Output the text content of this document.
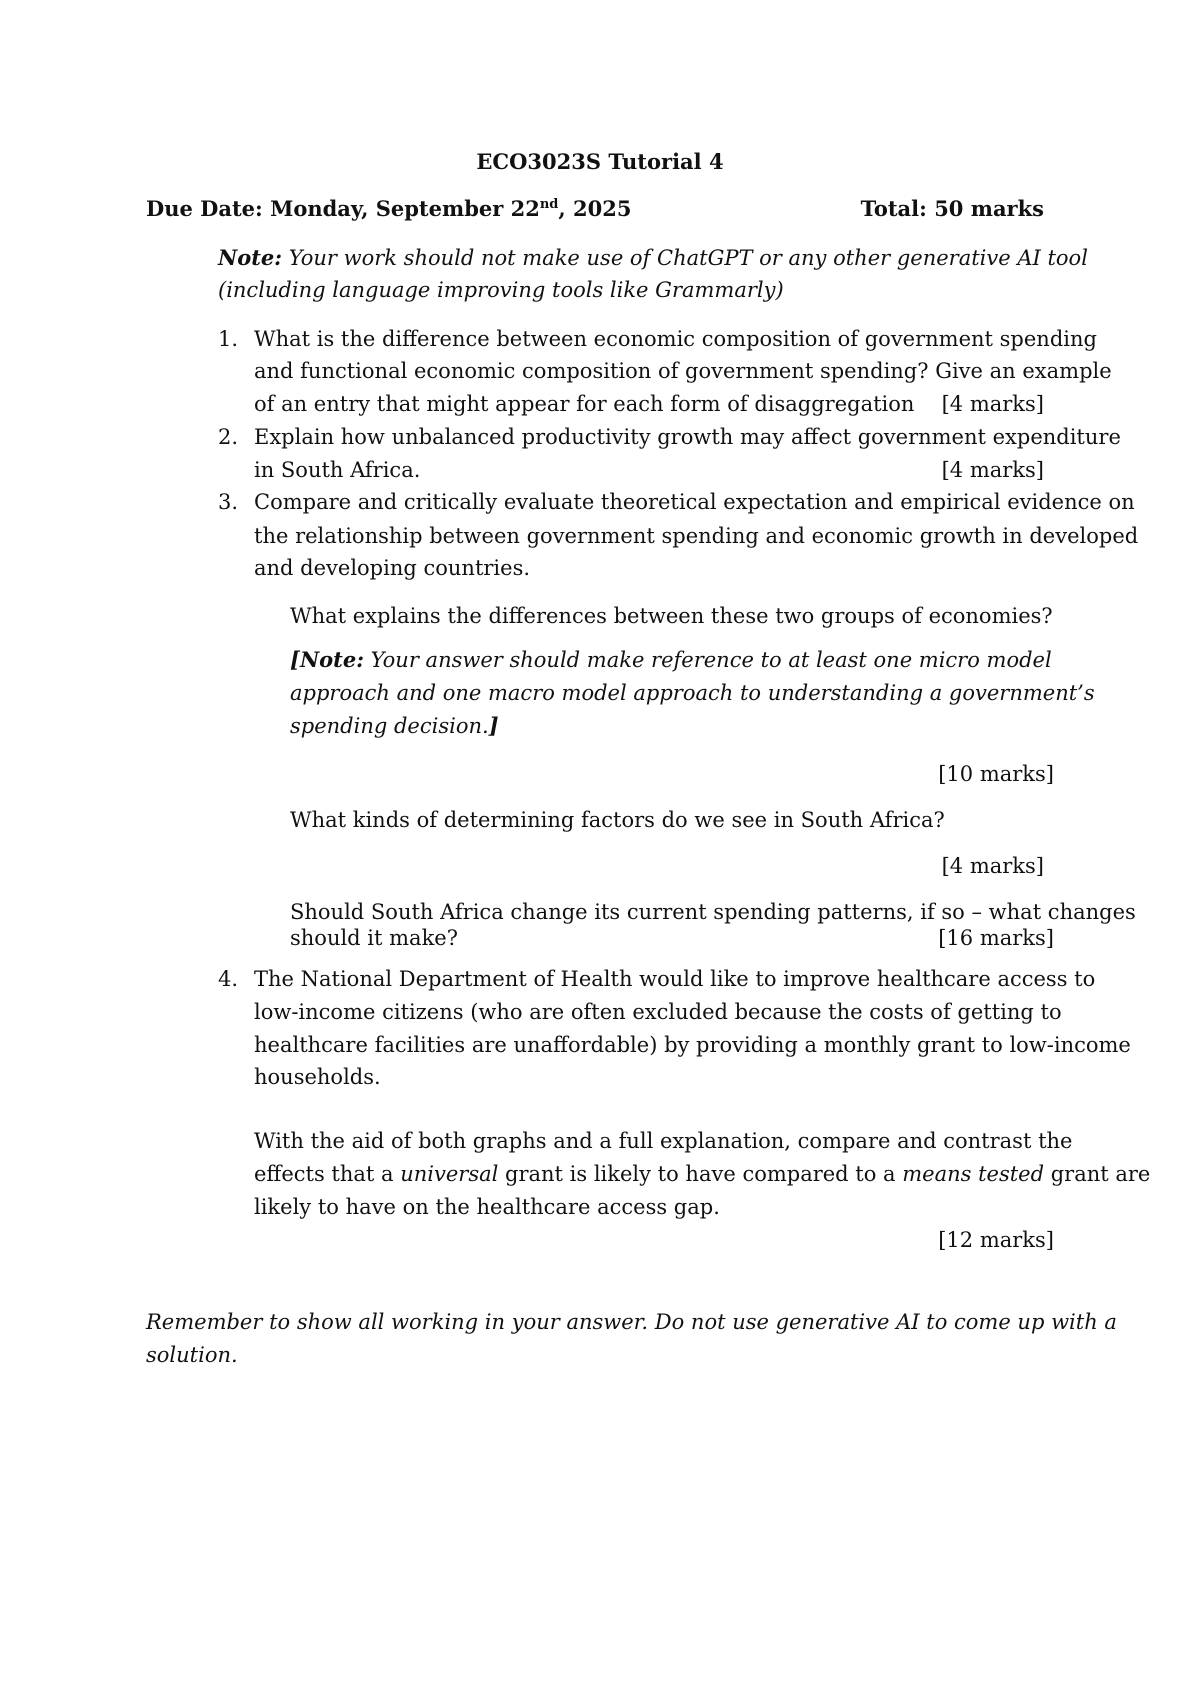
ECO3023S Tutorial 4
Due Date: Monday, September 22nd, 2025	Total: 50 marks
Note: Your work should not make use of ChatGPT or any other generative AI tool
(including language improving tools like Grammarly)
1. What is the difference between economic composition of government spending
and functional economic composition of government spending? Give an example
of an entry that might appear for each form of disaggregation	[4 marks]
2. Explain how unbalanced productivity growth may affect government expenditure
in South Africa.	[4 marks]
3. Compare and critically evaluate theoretical expectation and empirical evidence on
the relationship between government spending and economic growth in developed
and developing countries.
What explains the differences between these two groups of economies?
[Note: Your answer should make reference to at least one micro model
approach and one macro model approach to understanding a government’s
spending decision.]
[10 marks]
What kinds of determining factors do we see in South Africa?
[4 marks]
Should South Africa change its current spending patterns, if so – what changes
should it make?	[16 marks]
4. The National Department of Health would like to improve healthcare access to
low-income citizens (who are often excluded because the costs of getting to
healthcare facilities are unaffordable) by providing a monthly grant to low-income
households.
With the aid of both graphs and a full explanation, compare and contrast the
effects that a universal grant is likely to have compared to a means tested grant are
likely to have on the healthcare access gap.
[12 marks]
Remember to show all working in your answer. Do not use generative AI to come up with a
solution.
